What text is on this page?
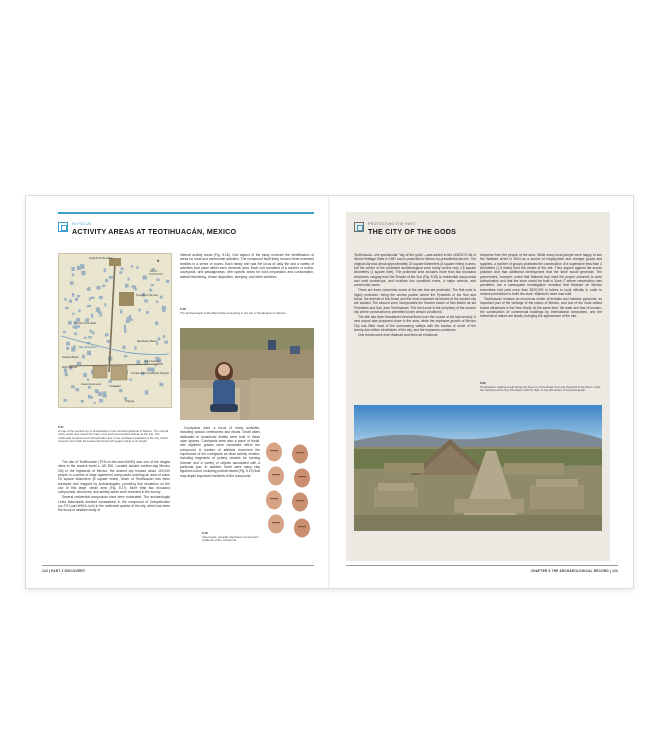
IN FOCUS
ACTIVITY AREAS AT TEOTIHUACÁN, MEXICO
Pyramid of the Moon
Pyramid of the Sun
Street of the Dead
Ciudadela
Great Compound
Tlajinga
Oaxaca Barrio
Merchants' Barrio
San Juan River
Temple of the Feathered Serpent
East Avenue
West Avenue
N
200 m
5.17
A map of the central city of Teotihuacán in the central highlands of Mexico. The central north–south axis marks the major civic and ceremonial buildings at the site. The residential compound of Oztoyahualco lies in the northwest quadrant of the city, which covered more than 20 square kilometers (8 square miles) at its height.

The site of Teotihuacán (TEH-oh-tee-wah-KAHN) was one of the largest cities in the ancient world c. AD 500. Located outside modern-day Mexico City in the highlands of Mexico, the ancient city housed about 100,000 people in a series of large apartment compounds covering an area of some 20 square kilometers (8 square miles). Much of Teotihuacán has been surveyed and mapped by archaeologists, providing fine resolution on the use of this large, urban area (Fig. 5.17). More than two thousand compounds, structures, and activity areas were recorded in the survey.

Several residential compounds have been excavated. The archaeologist Linda Manzanilla directed excavations in the compound of Oztoyahualco (oz-TOY-yah-WHUL-koh) in the northwest quarter of the city, which has been the focus of detailed study of

internal activity areas (Fig. 5.18). One aspect of the study involved the identification of areas for ritual and ceremonial activities. The compound itself likely housed three extended families in a series of rooms. Each family unit was the locus of daily life and a variety of activities took place within each domestic area. Each unit consisted of a number of rooms, courtyards, and passageways, with specific areas for food preparation and consumption, animal butchering, refuse deposition, sleeping, and other activities.

5.18
The archaeologist Linda Manzanilla excavating in the site of Teotihuacán in Mexico.

Courtyards were a focus of many activities, including various ceremonies and rituals. Small altars dedicated to household deities were built in these open spaces. Courtyards were also a place of burial, and eighteen graves were unearthed within the compound. A number of artifacts document the importance of the courtyards as ritual activity centers, including fragments of pottery vessels for burning incense and a variety of objects associated with a particular god. In addition, there were many clay figurines found, including portrait heads (Fig. 5.19) that may depict important residents of the compound.

5.19
Clay heads, possibly depictions of important residents of the compound.
122 | PART 2 DISCOVERY
PROTECTING THE PAST
THE CITY OF THE GODS

Teotihuacán—the spectacular "city of the gods"—was added to the UNESCO list of World Heritage Sites in 1987 and is protected in Mexico by presidential decree. The original city was about approximately 20 square kilometers (8 square miles) in area, but the center of the protected archaeological zone today covers only 2.6 square kilometers (1 square mile). The protected area includes more than two thousand structures, ranging from the Temple of the Sun (Fig. 5.20) to residential compounds and craft workshops, and includes two canalized rivers, a major avenue, and ceremonial caves.

There are three concentric zones of the site that are protected. The first zone is highly protected, being the central portion where the Pyramids of the Sun and Moon, the Avenue of the Dead, and the most important structures of the ancient city are located. The second zone incorporates the modern towns of San Martín de las Pirámides and San Juan Teotihuacán. The third zone is the periphery of the ancient city where construction is permitted under certain conditions.

The site has been threatened several times over the course of the last century. A new airport was proposed close to the area, while the explosive growth of Mexico City has filled most of the surrounding valleys with the barrios of some of the twenty-two million inhabitants of the city, and the expansion continues.

One threat came from Walmart and drew an emotional

response from the people of the area. While many local people were happy to see the Walmart arrive in 2004 as a source of employment and cheaper goods and supplies, a number of groups protested the construction of a superstore less than 4 kilometers (1.5 miles) from the center of the site. They argued against the scenic pollution and that additional development that the store would generate. The government, however, noted that Walmart had used the proper channels to seek authorization and that the store would be built in Zone C where construction was permitted, but a subsequent investigation revealed that Walmart de Mexico executives had paid more than $200,000 in bribes to local officials in order to receive permission to build the store. Walmart's store was built.

Teotihuacán remains an enormous center of temples and massive pyramids, an important part of the heritage of the nation of Mexico, and one of the most visited tourist attractions in the New World. At the same time, the wear and tear of tourism, the construction of commercial buildings by international companies, and the elements of nature are slowly changing the appearance of the site.

5.20
Teotihuacán, looking south along the Avenue of the Dead, from the Pyramid of the Moon. Note the Pyramid of the Sun 65 meters (213 ft) high on the left center of the photograph.
CHAPTER 5 THE ARCHAEOLOGICAL RECORD | 123
